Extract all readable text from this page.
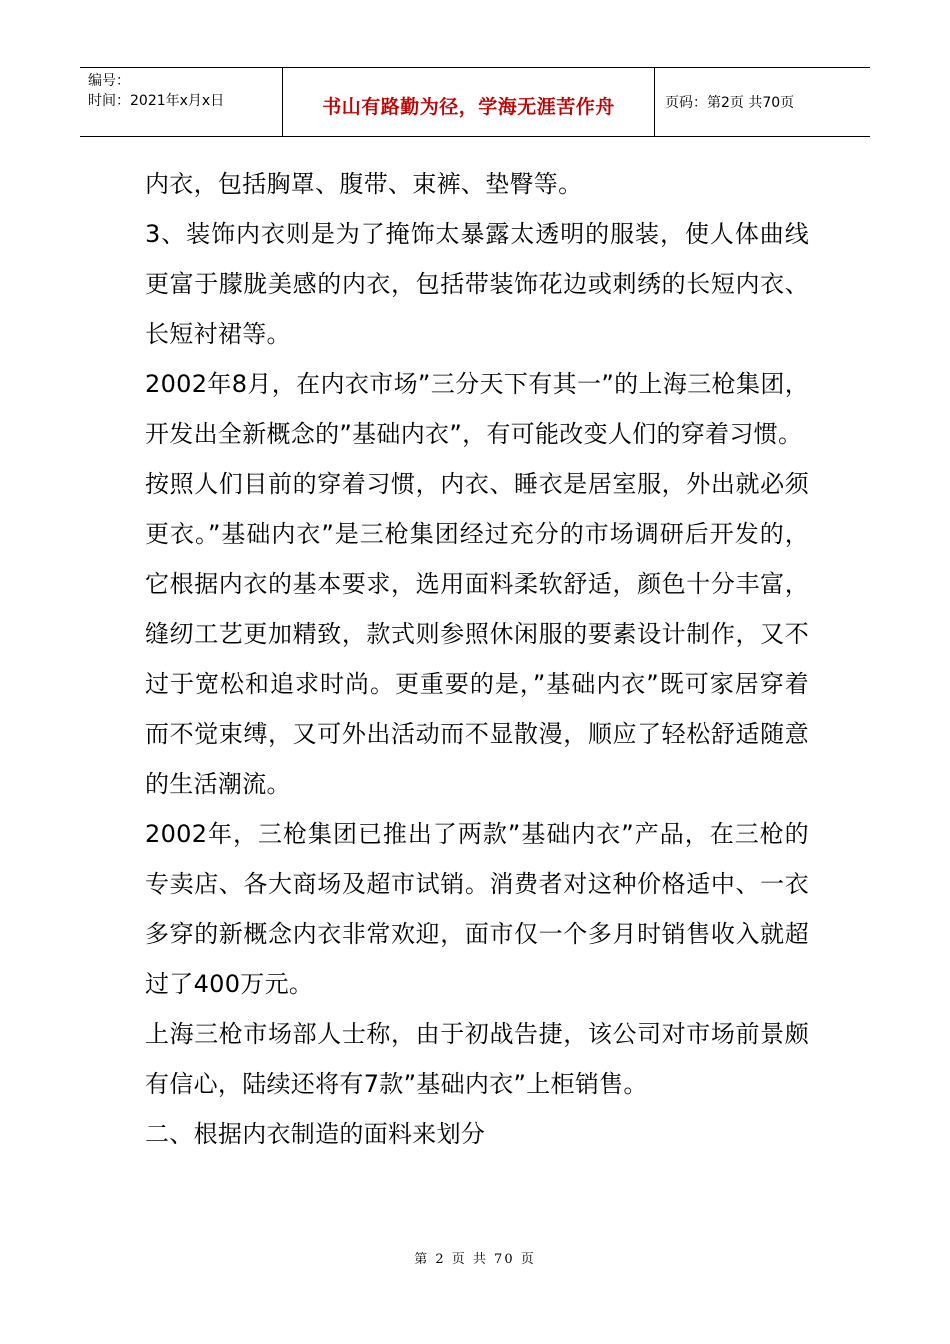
编号：
时间：2021年x月x日	书山有路勤为径，学海无涯苦作舟	页码：第2页 共70页

内衣，包括胸罩、腹带、束裤、垫臀等。

3、装饰内衣则是为了掩饰太暴露太透明的服装，使人体曲线更富于朦胧美感的内衣，包括带装饰花边或刺绣的长短内衣、长短衬裙等。

2002年8月，在内衣市场”三分天下有其一”的上海三枪集团，开发出全新概念的”基础内衣”，有可能改变人们的穿着习惯。

按照人们目前的穿着习惯，内衣、睡衣是居室服，外出就必须更衣。”基础内衣”是三枪集团经过充分的市场调研后开发的，它根据内衣的基本要求，选用面料柔软舒适，颜色十分丰富，缝纫工艺更加精致，款式则参照休闲服的要素设计制作，又不过于宽松和追求时尚。更重要的是，”基础内衣”既可家居穿着而不觉束缚，又可外出活动而不显散漫，顺应了轻松舒适随意的生活潮流。

2002年，三枪集团已推出了两款”基础内衣”产品，在三枪的专卖店、各大商场及超市试销。消费者对这种价格适中、一衣多穿的新概念内衣非常欢迎，面市仅一个多月时销售收入就超过了400万元。

上海三枪市场部人士称，由于初战告捷，该公司对市场前景颇有信心，陆续还将有7款”基础内衣”上柜销售。

二、根据内衣制造的面料来划分

第 2 页 共 70 页
